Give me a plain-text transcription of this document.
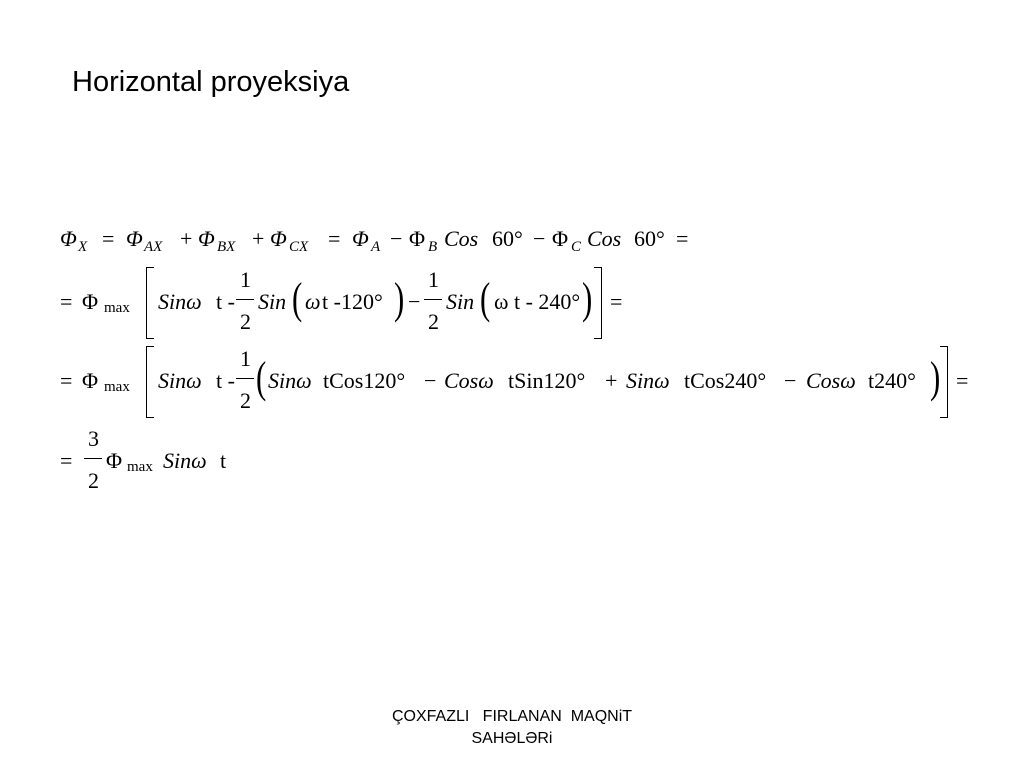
Horizontal proyeksiya
Φ X = Φ AX + Φ BX + Φ CX = Φ A − Φ B Cos 60° − Φ C Cos 60° =
= Φ max Sinω t -
1
2
Sin ( ω t -120° ) −
1
2
Sin ( ω t - 240° ) =
= Φ max Sinω t -
1
2 ( Sinω tCos120° − Cosω tSin120° + Sinω tCos240° − Cosω t240° ) =
=
3
2
Φ max Sinω t
ÇOXFAZLI   FIRLANAN  MAQNiT
SAHƏLƏRi
